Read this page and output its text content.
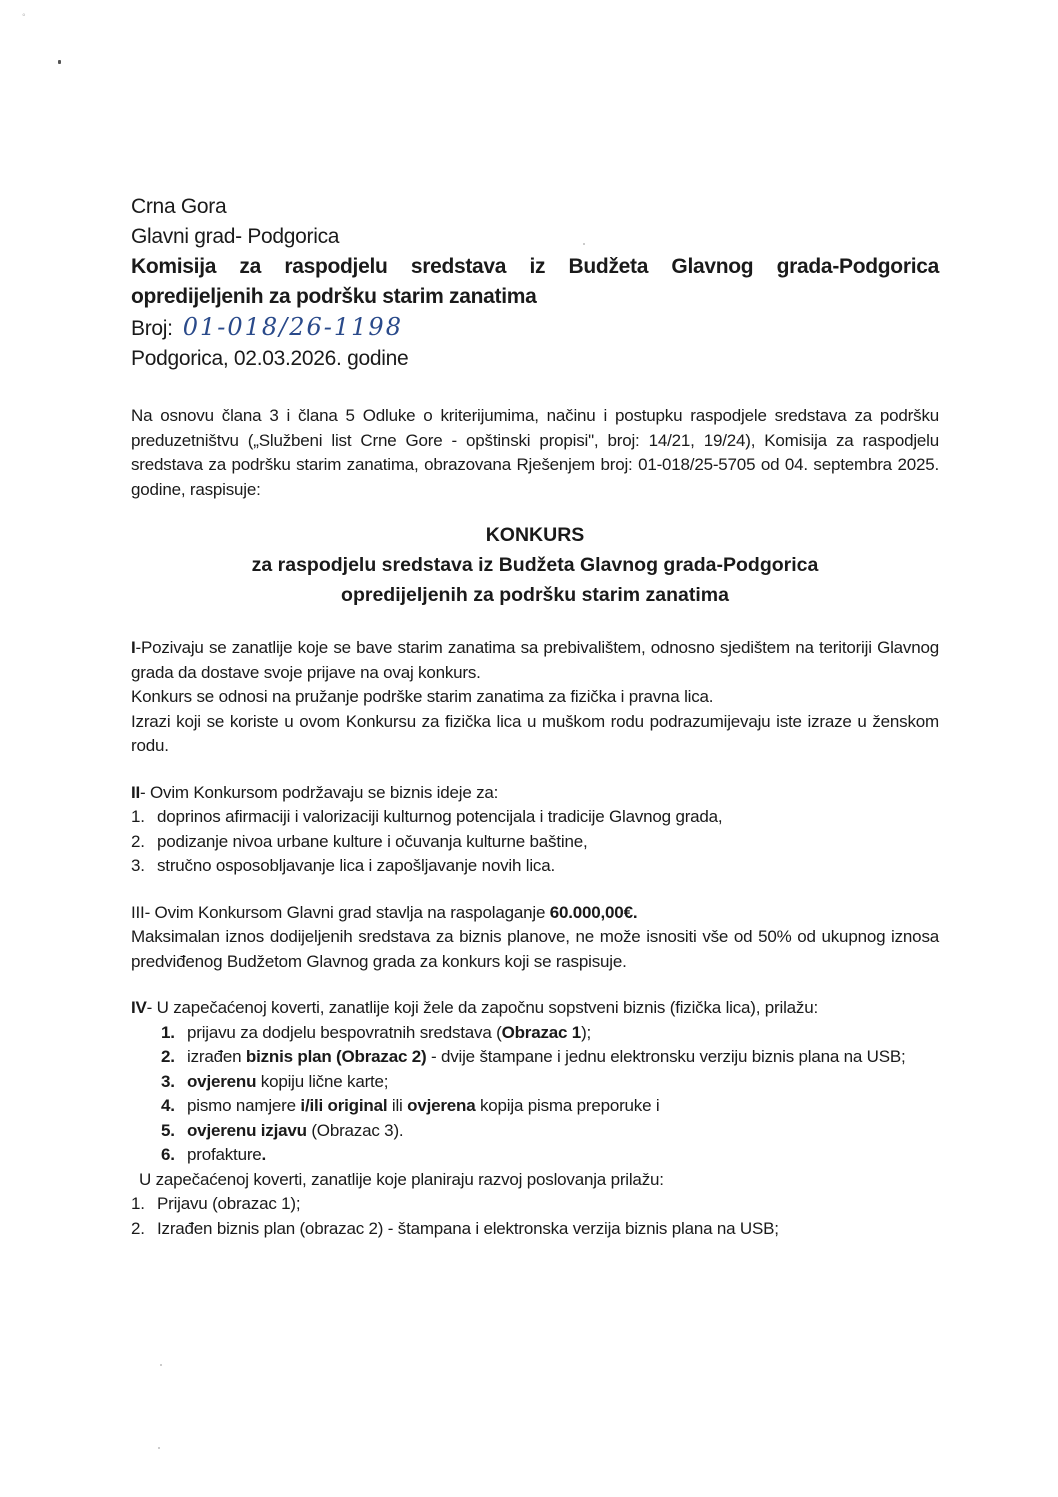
°
Crna Gora
Glavni grad- Podgorica
Komisija za raspodjelu sredstava iz Budžeta Glavnog grada-Podgorica
opredijeljenih za podršku starim zanatima
Broj: 01-018/26-1198
Podgorica, 02.03.2026. godine

Na osnovu člana 3 i člana 5 Odluke o kriterijumima, načinu i postupku raspodjele sredstava za podršku preduzetništvu („Službeni list Crne Gore - opštinski propisi", broj: 14/21, 19/24), Komisija za raspodjelu sredstava za podršku starim zanatima, obrazovana Rješenjem broj: 01-018/25-5705 od 04. septembra 2025. godine, raspisuje:

KONKURS
za raspodjelu sredstava iz Budžeta Glavnog grada-Podgorica
opredijeljenih za podršku starim zanatima

I-Pozivaju se zanatlije koje se bave starim zanatima sa prebivalištem, odnosno sjedištem na teritoriji Glavnog grada da dostave svoje prijave na ovaj konkurs.

Konkurs se odnosi na pružanje podrške starim zanatima za fizička i pravna lica.

Izrazi koji se koriste u ovom Konkursu za fizička lica u muškom rodu podrazumijevaju iste izraze u ženskom rodu.

II- Ovim Konkursom podržavaju se biznis ideje za:
1. doprinos afirmaciji i valorizaciji kulturnog potencijala i tradicije Glavnog grada,
2. podizanje nivoa urbane kulture i očuvanja kulturne baštine,
3. stručno osposobljavanje lica i zapošljavanje novih lica.
III- Ovim Konkursom Glavni grad stavlja na raspolaganje 60.000,00€.

Maksimalan iznos dodijeljenih sredstava za biznis planove, ne može isnositi vše od 50% od ukupnog iznosa predviđenog Budžetom Glavnog grada za konkurs koji se raspisuje.

IV- U zapečaćenoj koverti, zanatlije koji žele da započnu sopstveni biznis (fizička lica), prilažu:
1. prijavu za dodjelu bespovratnih sredstava (Obrazac 1);
2. izrađen biznis plan (Obrazac 2) - dvije štampane i jednu elektronsku verziju biznis plana na USB;
3. ovjerenu kopiju lične karte;
4. pismo namjere i/ili original ili ovjerena kopija pisma preporuke i
5. ovjerenu izjavu (Obrazac 3).
6. profakture.
U zapečaćenoj koverti, zanatlije koje planiraju razvoj poslovanja prilažu:
1. Prijavu (obrazac 1);
2. Izrađen biznis plan (obrazac 2) - štampana i elektronska verzija biznis plana na USB;
